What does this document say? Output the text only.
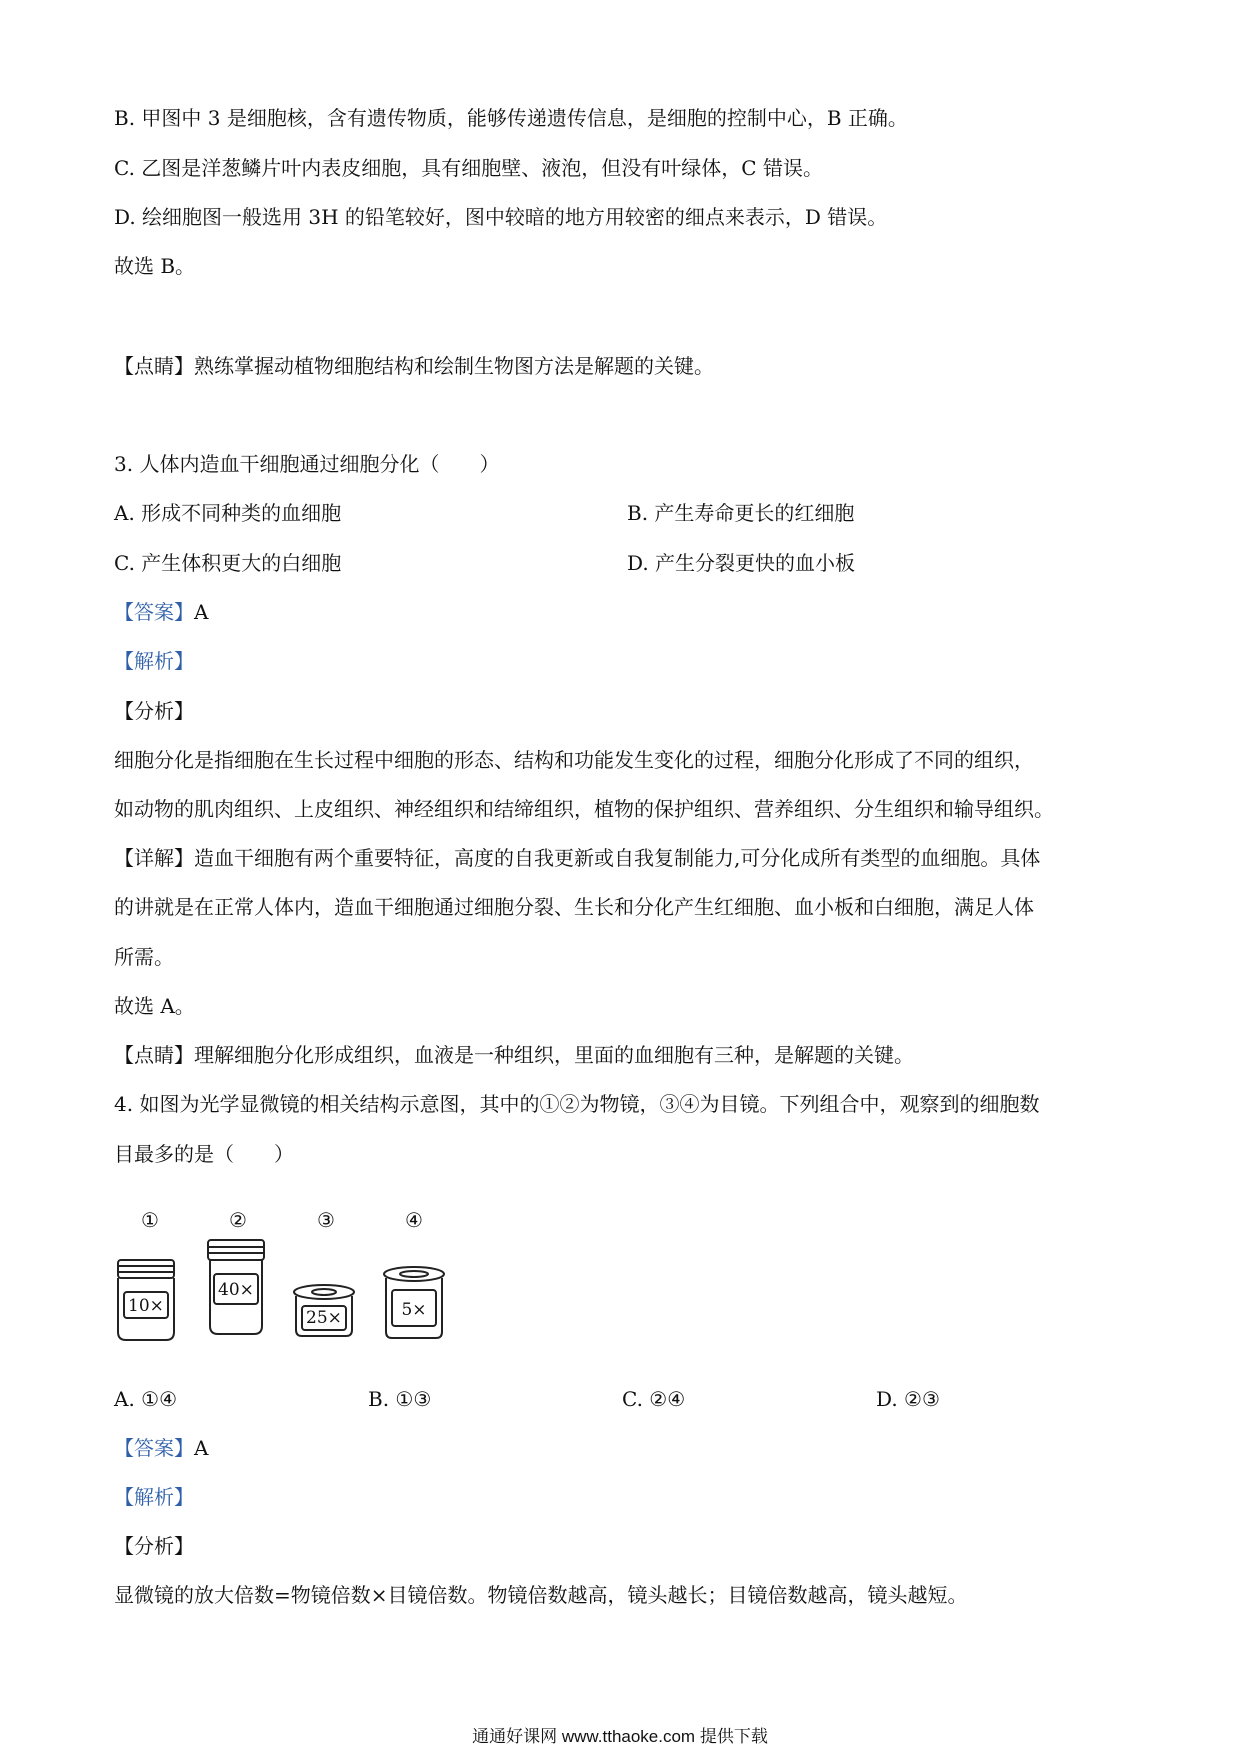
B. 甲图中 3 是细胞核，含有遗传物质，能够传递遗传信息，是细胞的控制中心，B 正确。
C. 乙图是洋葱鳞片叶内表皮细胞，具有细胞壁、液泡，但没有叶绿体，C 错误。
D. 绘细胞图一般选用 3H 的铅笔较好，图中较暗的地方用较密的细点来表示，D 错误。
故选 B。
【点睛】熟练掌握动植物细胞结构和绘制生物图方法是解题的关键。
3. 人体内造血干细胞通过细胞分化（　　）
A. 形成不同种类的血细胞	B. 产生寿命更长的红细胞
C. 产生体积更大的白细胞	D. 产生分裂更快的血小板
【答案】A
【解析】
【分析】
细胞分化是指细胞在生长过程中细胞的形态、结构和功能发生变化的过程，细胞分化形成了不同的组织，
如动物的肌肉组织、上皮组织、神经组织和结缔组织，植物的保护组织、营养组织、分生组织和输导组织。
【详解】造血干细胞有两个重要特征，高度的自我更新或自我复制能力,可分化成所有类型的血细胞。具体
的讲就是在正常人体内，造血干细胞通过细胞分裂、生长和分化产生红细胞、血小板和白细胞，满足人体
所需。
故选 A。
【点睛】理解细胞分化形成组织，血液是一种组织，里面的血细胞有三种，是解题的关键。
4. 如图为光学显微镜的相关结构示意图，其中的①②为物镜，③④为目镜。下列组合中，观察到的细胞数
目最多的是（　　）
①	②	③	④
10×
40×
25×	5×
A. ①④	B. ①③	C. ②④	D. ②③
【答案】A
【解析】
【分析】
显微镜的放大倍数=物镜倍数×目镜倍数。物镜倍数越高，镜头越长；目镜倍数越高，镜头越短。
通通好课网 www.tthaoke.com 提供下载
